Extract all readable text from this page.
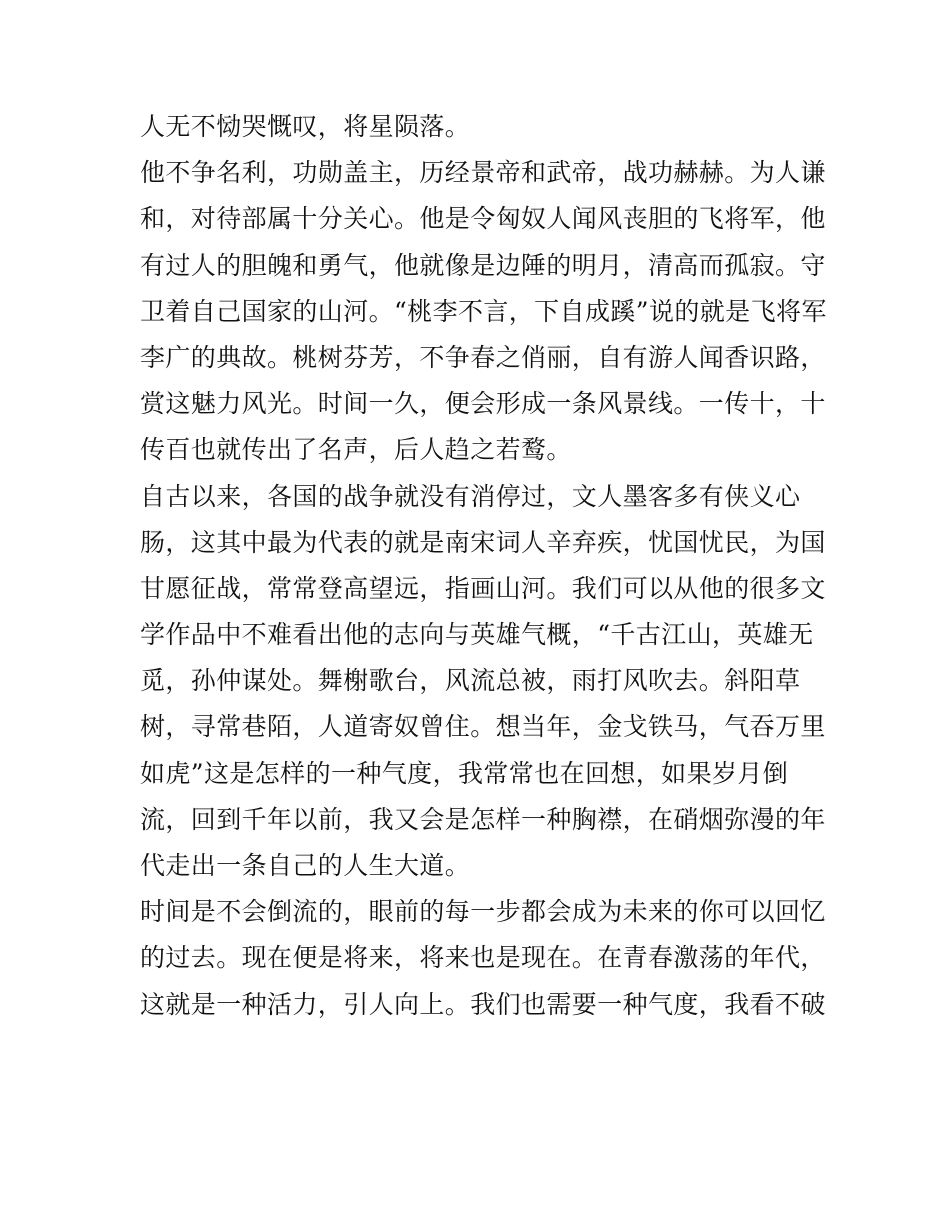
人无不恸哭慨叹，将星陨落。
他不争名利，功勋盖主，历经景帝和武帝，战功赫赫。为人谦
和，对待部属十分关心。他是令匈奴人闻风丧胆的飞将军，他
有过人的胆魄和勇气，他就像是边陲的明月，清高而孤寂。守
卫着自己国家的山河。“桃李不言，下自成蹊”说的就是飞将军
李广的典故。桃树芬芳，不争春之俏丽，自有游人闻香识路，
赏这魅力风光。时间一久，便会形成一条风景线。一传十，十
传百也就传出了名声，后人趋之若鹜。
自古以来，各国的战争就没有消停过，文人墨客多有侠义心
肠，这其中最为代表的就是南宋词人辛弃疾，忧国忧民，为国
甘愿征战，常常登高望远，指画山河。我们可以从他的很多文
学作品中不难看出他的志向与英雄气概，“千古江山，英雄无
觅，孙仲谋处。舞榭歌台，风流总被，雨打风吹去。斜阳草
树，寻常巷陌，人道寄奴曾住。想当年，金戈铁马，气吞万里
如虎”这是怎样的一种气度，我常常也在回想，如果岁月倒
流，回到千年以前，我又会是怎样一种胸襟，在硝烟弥漫的年
代走出一条自己的人生大道。
时间是不会倒流的，眼前的每一步都会成为未来的你可以回忆
的过去。现在便是将来，将来也是现在。在青春激荡的年代，
这就是一种活力，引人向上。我们也需要一种气度，我看不破
